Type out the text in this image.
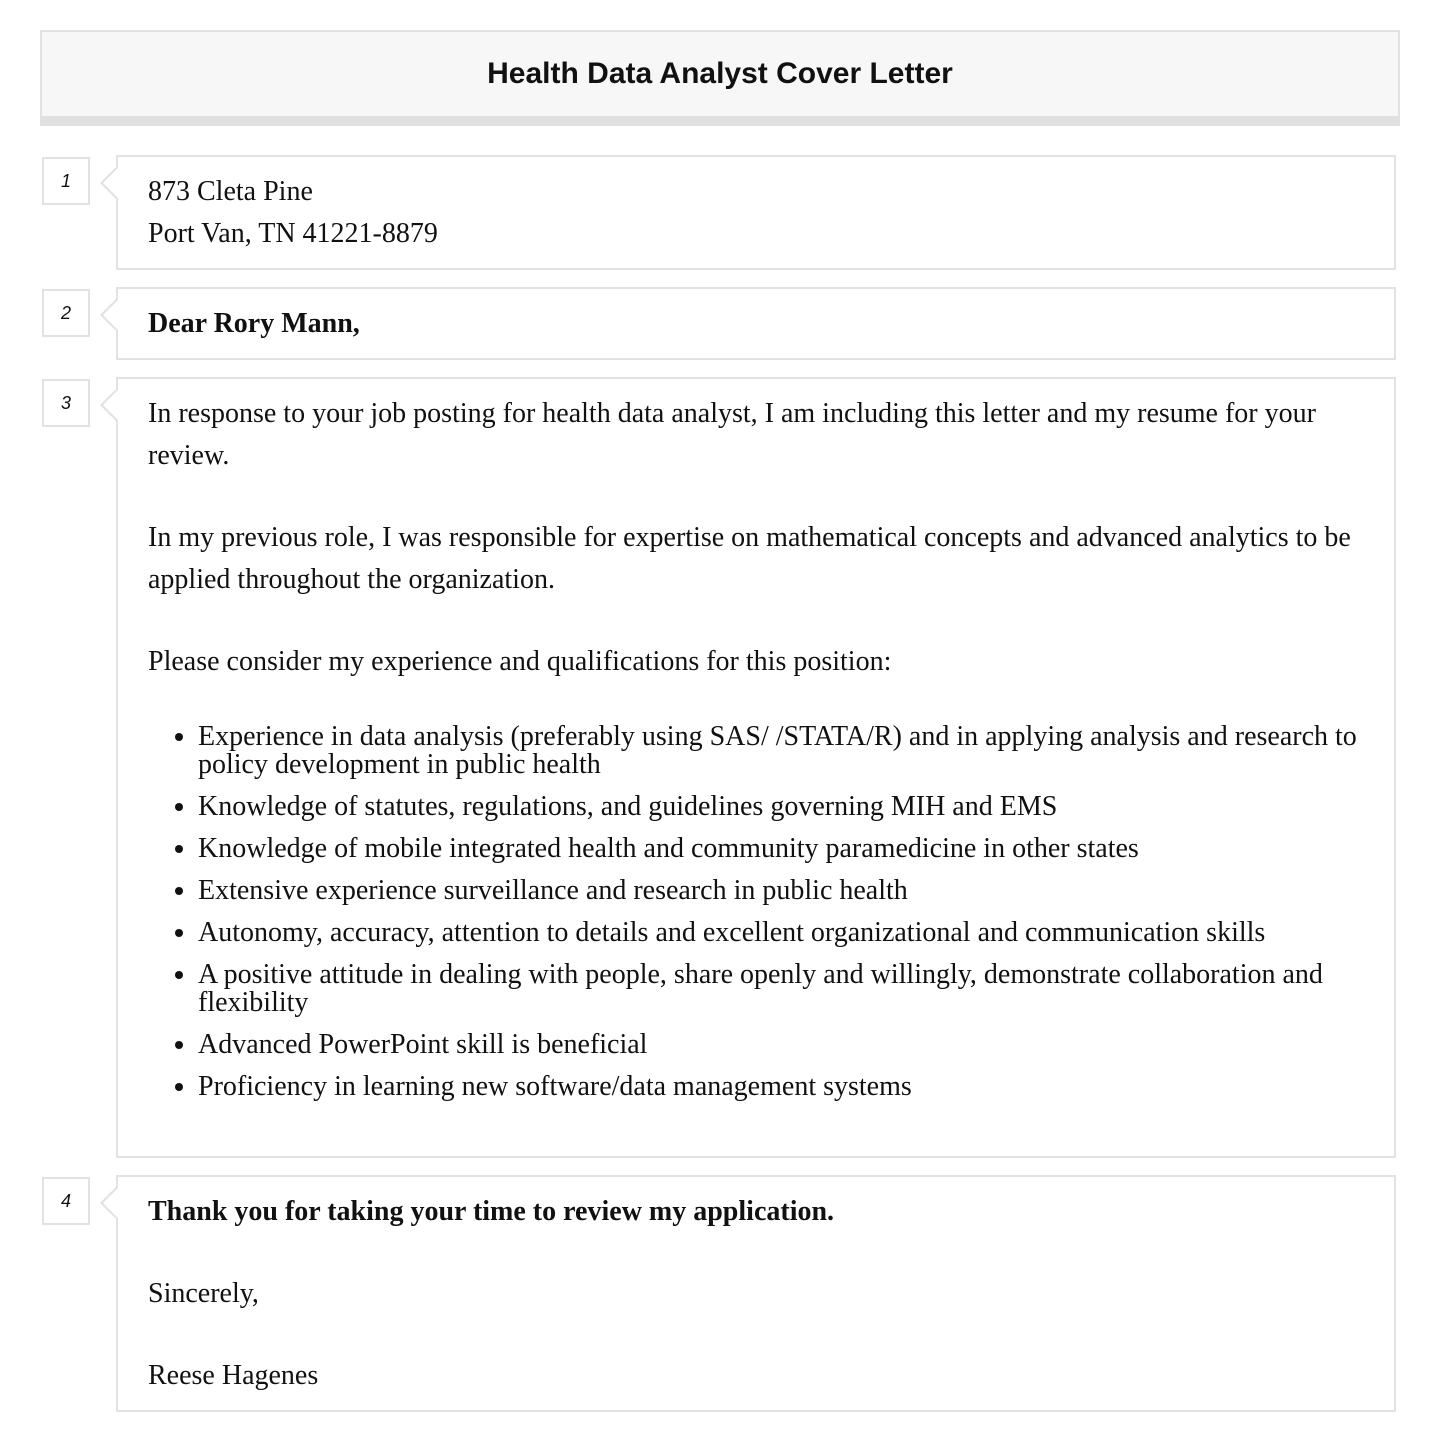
Health Data Analyst Cover Letter
1	873 Cleta Pine

Port Van, TN 41221-8879

2	Dear Rory Mann,

3	In response to your job posting for health data analyst, I am including this letter and my resume for your review.

In my previous role, I was responsible for expertise on mathematical concepts and advanced analytics to be applied throughout the organization.

Please consider my experience and qualifications for this position:

• Experience in data analysis (preferably using SAS/ /STATA/R) and in applying analysis and research to policy development in public health
• Knowledge of statutes, regulations, and guidelines governing MIH and EMS
• Knowledge of mobile integrated health and community paramedicine in other states
• Extensive experience surveillance and research in public health
• Autonomy, accuracy, attention to details and excellent organizational and communication skills
• A positive attitude in dealing with people, share openly and willingly, demonstrate collaboration and flexibility
• Advanced PowerPoint skill is beneficial
• Proficiency in learning new software/data management systems
4	Thank you for taking your time to review my application.

Sincerely,

Reese Hagenes
